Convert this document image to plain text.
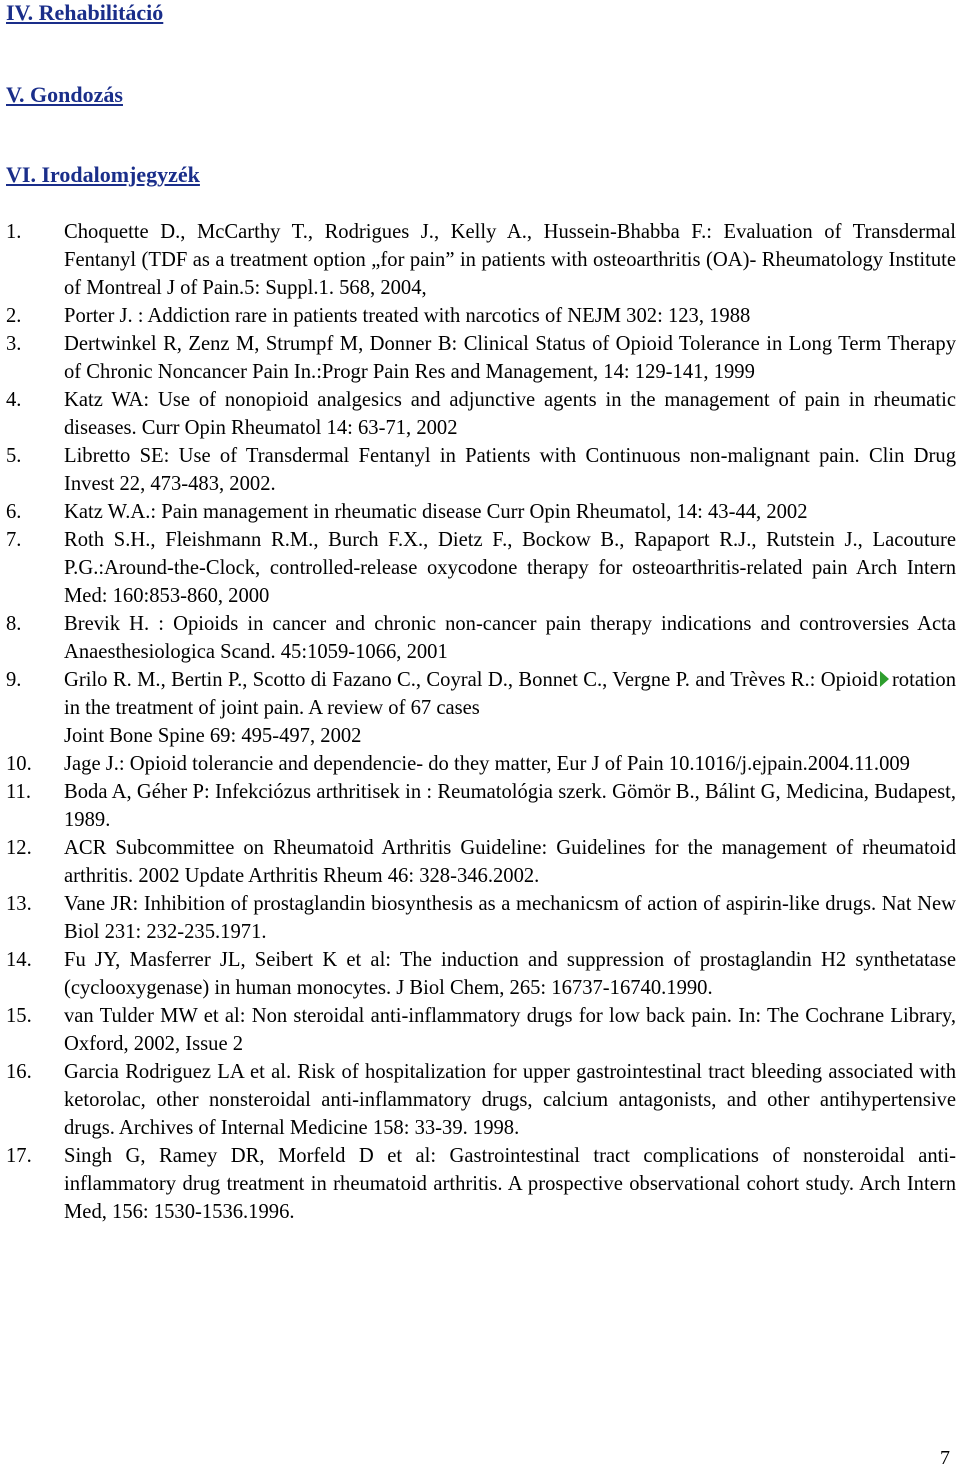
IV. Rehabilitáció
V. Gondozás
VI. Irodalomjegyzék
1. Choquette D., McCarthy T., Rodrigues J., Kelly A., Hussein-Bhabba F.: Evaluation of Transdermal Fentanyl (TDF as a treatment option „for pain” in patients with osteoarthritis (OA)- Rheumatology Institute of Montreal J of Pain.5: Suppl.1. 568, 2004,
2. Porter J. : Addiction rare in patients treated with narcotics of NEJM 302: 123, 1988
3. Dertwinkel R, Zenz M, Strumpf M, Donner B: Clinical Status of Opioid Tolerance in Long Term Therapy of Chronic Noncancer Pain In.:Progr Pain Res and Management, 14: 129-141, 1999
4. Katz WA: Use of nonopioid analgesics and adjunctive agents in the management of pain in rheumatic diseases. Curr Opin Rheumatol 14: 63-71, 2002
5. Libretto SE: Use of Transdermal Fentanyl in Patients with Continuous non-malignant pain. Clin Drug Invest 22, 473-483, 2002.
6. Katz W.A.: Pain management in rheumatic disease Curr Opin Rheumatol, 14: 43-44, 2002
7. Roth S.H., Fleishmann R.M., Burch F.X., Dietz F., Bockow B., Rapaport R.J., Rutstein J., Lacouture P.G.:Around-the-Clock, controlled-release oxycodone therapy for osteoarthritis-related pain Arch Intern Med: 160:853-860, 2000
8. Brevik H. : Opioids in cancer and chronic non-cancer pain therapy indications and controversies Acta Anaesthesiologica Scand. 45:1059-1066, 2001
9. Grilo R. M., Bertin P., Scotto di Fazano C., Coyral D., Bonnet C., Vergne P. and Trèves R.: Opioid rotation in the treatment of joint pain. A review of 67 cases
Joint Bone Spine 69: 495-497, 2002
10. Jage J.: Opioid tolerancie and dependencie- do they matter, Eur J of Pain 10.1016/j.ejpain.2004.11.009
11. Boda A, Géher P: Infekciózus arthritisek in : Reumatológia szerk. Gömör B., Bálint G, Medicina, Budapest, 1989.
12. ACR Subcommittee on Rheumatoid Arthritis Guideline: Guidelines for the management of rheumatoid arthritis. 2002 Update Arthritis Rheum 46: 328-346.2002.
13. Vane JR: Inhibition of prostaglandin biosynthesis as a mechanicsm of action of aspirin-like drugs. Nat New Biol 231: 232-235.1971.
14. Fu JY, Masferrer JL, Seibert K et al: The induction and suppression of prostaglandin H2 synthetatase (cyclooxygenase) in human monocytes. J Biol Chem, 265: 16737-16740.1990.
15. van Tulder MW et al: Non steroidal anti-inflammatory drugs for low back pain. In: The Cochrane Library, Oxford, 2002, Issue 2
16. Garcia Rodriguez LA et al. Risk of hospitalization for upper gastrointestinal tract bleeding associated with ketorolac, other nonsteroidal anti-inflammatory drugs, calcium antagonists, and other antihypertensive drugs. Archives of Internal Medicine 158: 33-39. 1998.
17. Singh G, Ramey DR, Morfeld D et al: Gastrointestinal tract complications of nonsteroidal anti-inflammatory drug treatment in rheumatoid arthritis. A prospective observational cohort study. Arch Intern Med, 156: 1530-1536.1996.
7
